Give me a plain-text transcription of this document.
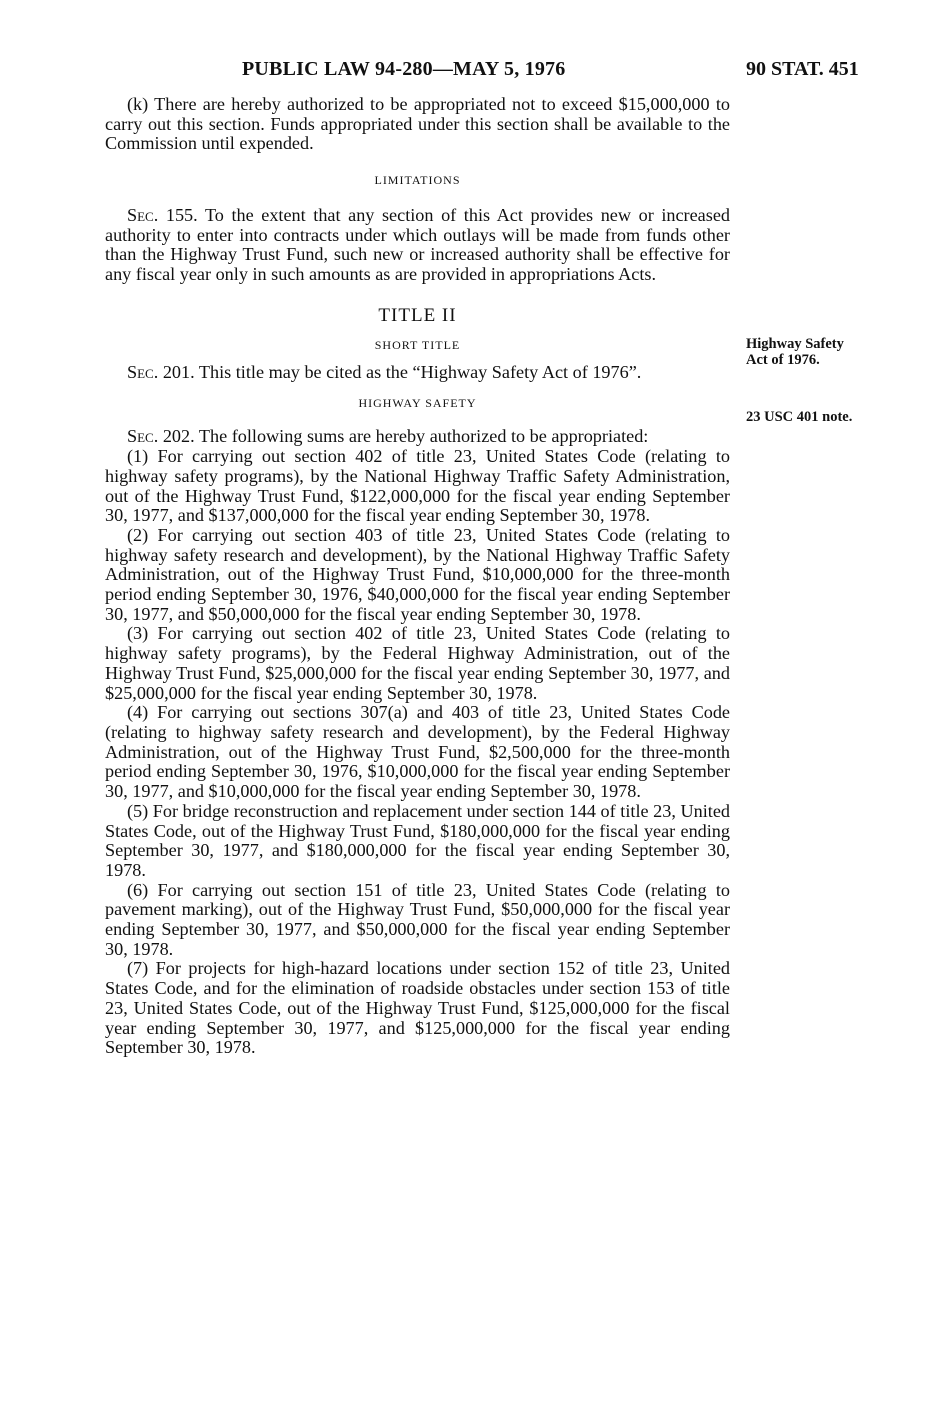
PUBLIC LAW 94-280—MAY 5, 1976	90 STAT. 451
Highway Safety
Act of 1976.
23 USC 401 note.

(k) There are hereby authorized to be appropriated not to exceed $15,000,000 to carry out this section. Funds appropriated under this section shall be available to the Commission until expended.

LIMITATIONS

Sec. 155. To the extent that any section of this Act provides new or increased authority to enter into contracts under which outlays will be made from funds other than the Highway Trust Fund, such new or increased authority shall be effective for any fiscal year only in such amounts as are provided in appropriations Acts.

TITLE II

SHORT TITLE

Sec. 201. This title may be cited as the “Highway Safety Act of 1976”.

HIGHWAY SAFETY

Sec. 202. The following sums are hereby authorized to be appropriated:

(1) For carrying out section 402 of title 23, United States Code (relating to highway safety programs), by the National Highway Traffic Safety Administration, out of the Highway Trust Fund, $122,000,000 for the fiscal year ending September 30, 1977, and $137,000,000 for the fiscal year ending September 30, 1978.

(2) For carrying out section 403 of title 23, United States Code (relating to highway safety research and development), by the National Highway Traffic Safety Administration, out of the Highway Trust Fund, $10,000,000 for the three-month period ending September 30, 1976, $40,000,000 for the fiscal year ending September 30, 1977, and $50,000,000 for the fiscal year ending September 30, 1978.

(3) For carrying out section 402 of title 23, United States Code (relating to highway safety programs), by the Federal Highway Administration, out of the Highway Trust Fund, $25,000,000 for the fiscal year ending September 30, 1977, and $25,000,000 for the fiscal year ending September 30, 1978.

(4) For carrying out sections 307(a) and 403 of title 23, United States Code (relating to highway safety research and development), by the Federal Highway Administration, out of the Highway Trust Fund, $2,500,000 for the three-month period ending September 30, 1976, $10,000,000 for the fiscal year ending September 30, 1977, and $10,000,000 for the fiscal year ending September 30, 1978.

(5) For bridge reconstruction and replacement under section 144 of title 23, United States Code, out of the Highway Trust Fund, $180,000,000 for the fiscal year ending September 30, 1977, and $180,000,000 for the fiscal year ending September 30, 1978.

(6) For carrying out section 151 of title 23, United States Code (relating to pavement marking), out of the Highway Trust Fund, $50,000,000 for the fiscal year ending September 30, 1977, and $50,000,000 for the fiscal year ending September 30, 1978.

(7) For projects for high-hazard locations under section 152 of title 23, United States Code, and for the elimination of roadside obstacles under section 153 of title 23, United States Code, out of the Highway Trust Fund, $125,000,000 for the fiscal year ending September 30, 1977, and $125,000,000 for the fiscal year ending September 30, 1978.
